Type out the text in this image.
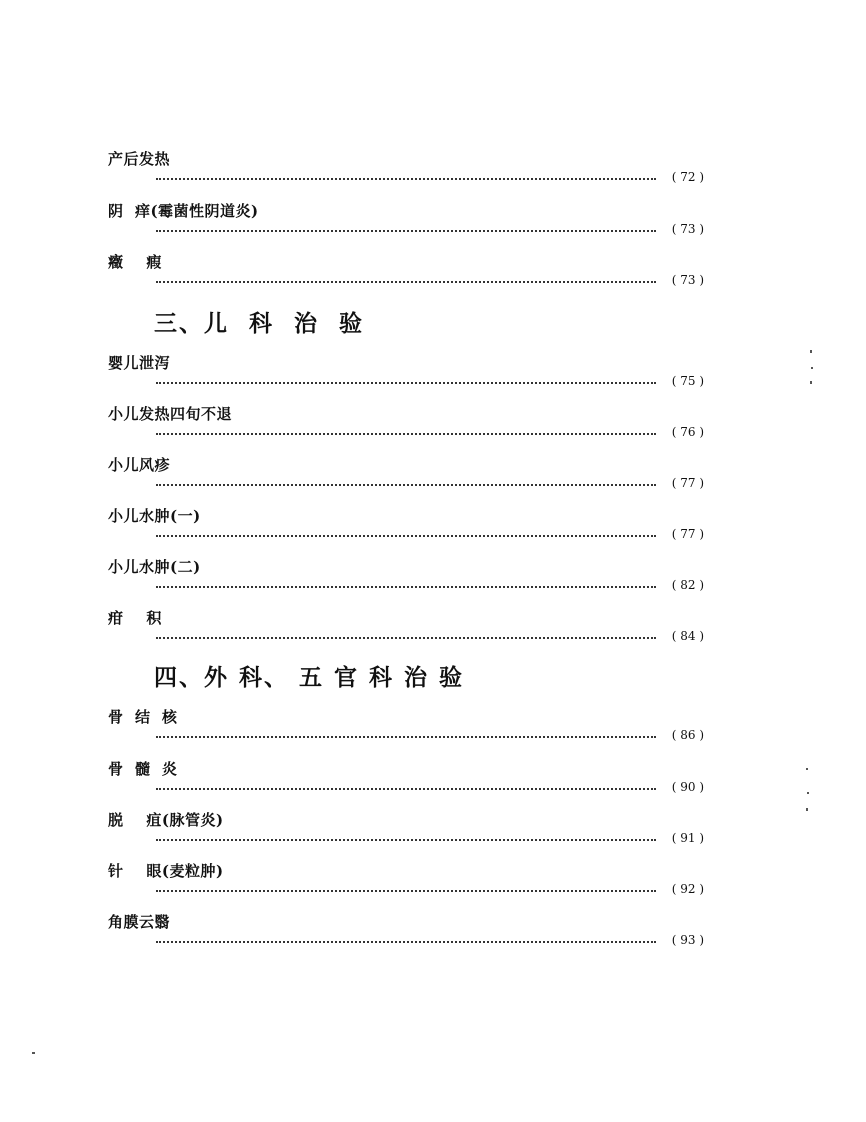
产后发热
( 72 )
阴  痒(霉菌性阴道炎)
( 73 )
癥    瘕
( 73 )
三、儿  科  治  验
婴儿泄泻
( 75 )
小儿发热四旬不退
( 76 )
小儿风疹
( 77 )
小儿水肿(一)
( 77 )
小儿水肿(二)
( 82 )
疳    积
( 84 )
四、外 科、 五 官 科 治 验
骨  结  核
( 86 )
骨  髓  炎
( 90 )
脱    疽(脉管炎)
( 91 )
针    眼(麦粒肿)
( 92 )
角膜云翳
( 93 )
